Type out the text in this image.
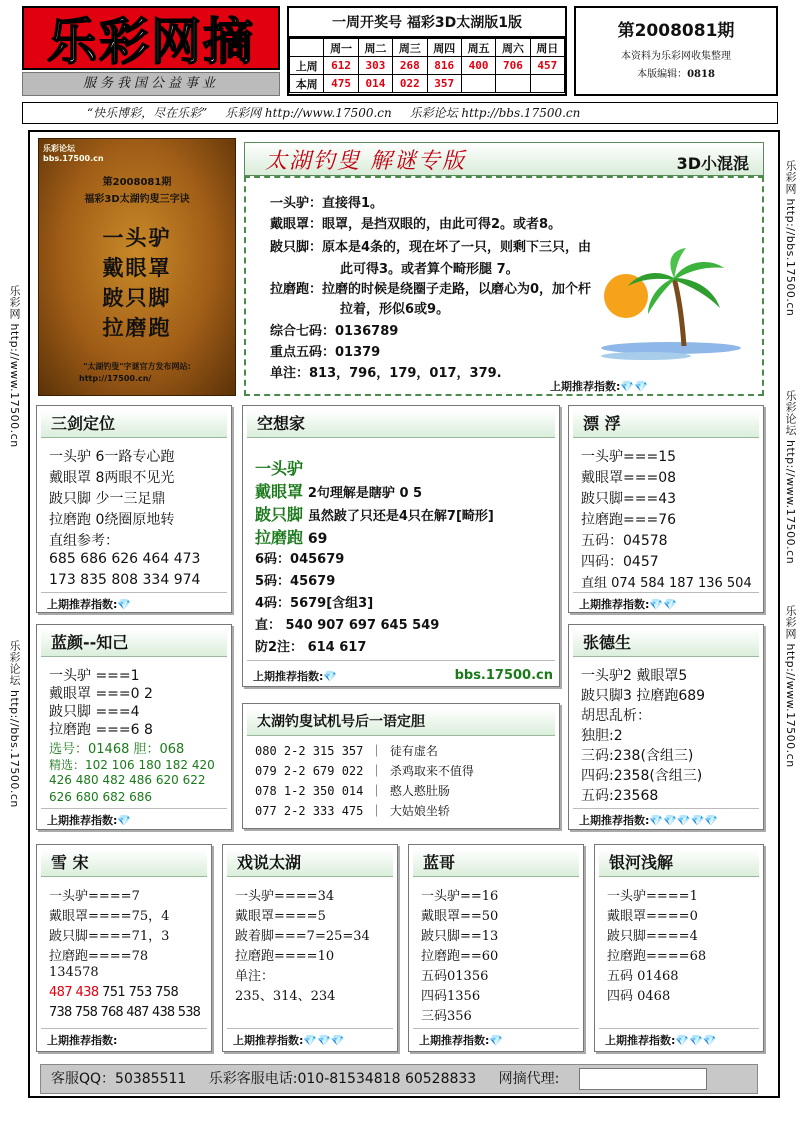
乐彩网摘
服务我国公益事业
一周开奖号 福彩3D太湖版1版
	周一	周二	周三	周四	周五	周六	周日
上周	612	303	268	816	400	706	457
本周	475	014	022	357			
第2008081期
本资料为乐彩网收集整理
本版编辑：0818
“快乐博彩，尽在乐彩” 乐彩网 http://www.17500.cn 乐彩论坛 http://bbs.17500.cn
乐彩网 http://www.17500.cn
乐彩论坛 http://bbs.17500.cn
乐彩网 http://bbs.17500.cn
乐彩论坛 http://www.17500.cn
乐彩网 http://www.17500.cn
乐彩论坛
bbs.17500.cn
第2008081期
福彩3D太湖钓叟三字诀
一头驴
戴眼罩
跛只脚
拉磨跑
"太湖钓叟"字谜官方发布网站:
http://17500.cn/
太湖钓叟 解谜专版	3D小混混
一头驴：直接得1。
戴眼罩：眼罩，是挡双眼的，由此可得2。或者8。
跛只脚：原本是4条的，现在坏了一只，则剩下三只，由
此可得3。或者算个畸形腿 7。
拉磨跑：拉磨的时候是绕圈子走路，以磨心为0，加个杆
拉着，形似6或9。
综合七码：0136789
重点五码：01379
单注：813，796，179，017，379.
上期推荐指数:💎💎
三剑定位
一头驴 6一路专心跑
戴眼罩 8两眼不见光
跛只脚 少一三足鼎
拉磨跑 0绕圈原地转
直组参考：
685 686 626 464 473
173 835 808 334 974
上期推荐指数:💎
空想家
一头驴
戴眼罩 2句理解是瞎驴 0 5
跛只脚 虽然跛了只还是4只在解7[畸形]
拉磨跑 69
6码：045679
5码：45679
4码：5679[含组3]
直： 540 907 697 645 549
防2注： 614 617
上期推荐指数:💎	bbs.17500.cn
漂 浮
一头驴===15
戴眼罩===08
跛只脚===43
拉磨跑===76
五码：04578
四码：0457
直组 074 584 187 136 504
上期推荐指数:💎💎
蓝颜--知己
一头驴 ===1
戴眼罩 ===0 2
跛只脚 ===4
拉磨跑 ===6 8
选号：01468 胆：068
精选：102 106 180 182 420
426 480 482 486 620 622
626 680 682 686
上期推荐指数:💎
太湖钓叟试机号后一语定胆
080 2-2 315 357 ｜ 徒有虚名
079 2-2 679 022 ｜ 杀鸡取来不值得
078 1-2 350 014 ｜ 憨人憨肚肠
077 2-2 333 475 ｜ 大姑娘坐轿
张德生
一头驴2 戴眼罩5
跛只脚3 拉磨跑689
胡思乱析：
独胆:2
三码:238(含组三)
四码:2358(含组三)
五码:23568
上期推荐指数:💎💎💎💎💎
雪 宋
一头驴====7
戴眼罩====75，4
跛只脚====71，3
拉磨跑====78
134578
487 438 751 753 758
738 758 768 487 438 538
上期推荐指数:
戏说太湖
一头驴====34
戴眼罩====5
跛着脚===7=25=34
拉磨跑====10
单注：
235、314、234
上期推荐指数:💎💎💎
蓝哥
一头驴==16
戴眼罩==50
跛只脚==13
拉磨跑==60
五码01356
四码1356
三码356
上期推荐指数:💎
银河浅解
一头驴====1
戴眼罩====0
跛只脚====4
拉磨跑====68
五码 01468
四码 0468
上期推荐指数:💎💎💎
客服QQ：50385511 乐彩客服电话:010-81534818 60528833 网摘代理:
